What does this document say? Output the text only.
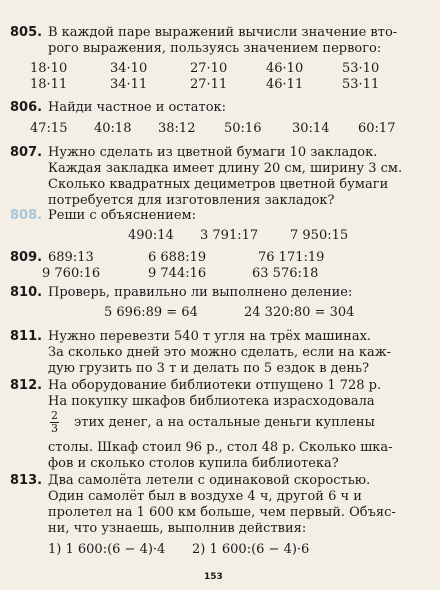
805. В каждой паре выражений вычисли значение вто-
рого выражения, пользуясь значением первого:
18·10	34·10	27·10	46·10	53·10
18·11	34·11	27·11	46·11	53·11
806. Найди частное и остаток:
47:15 40:18 38:12 50:16 30:14 60:17
807. Нужно сделать из цветной бумаги 10 закладок.
Каждая закладка имеет длину 20 см, ширину 3 см.
Сколько квадратных дециметров цветной бумаги
потребуется для изготовления закладок?
808. Реши с объяснением:
490:14 3 791:17 7 950:15
809. 689:13	6 688:19	76 171:19
9 760:16	9 744:16	63 576:18
810. Проверь, правильно ли выполнено деление:
5 696:89 = 64	24 320:80 = 304
811. Нужно перевезти 540 т угля на трёх машинах.
За сколько дней это можно сделать, если на каж-
дую грузить по 3 т и делать по 5 ездок в день?
812. На оборудование библиотеки отпущено 1 728 р.
На покупку шкафов библиотека израсходовала
2
3 этих денег, а на остальные деньги куплены
столы. Шкаф стоил 96 р., стол 48 р. Сколько шка-
фов и сколько столов купила библиотека?
813. Два самолёта летели с одинаковой скоростью.
Один самолёт был в воздухе 4 ч, другой 6 ч и
пролетел на 1 600 км больше, чем первый. Объяс-
ни, что узнаешь, выполнив действия:
1) 1 600:(6 − 4)·4 2) 1 600:(6 − 4)·6
153
